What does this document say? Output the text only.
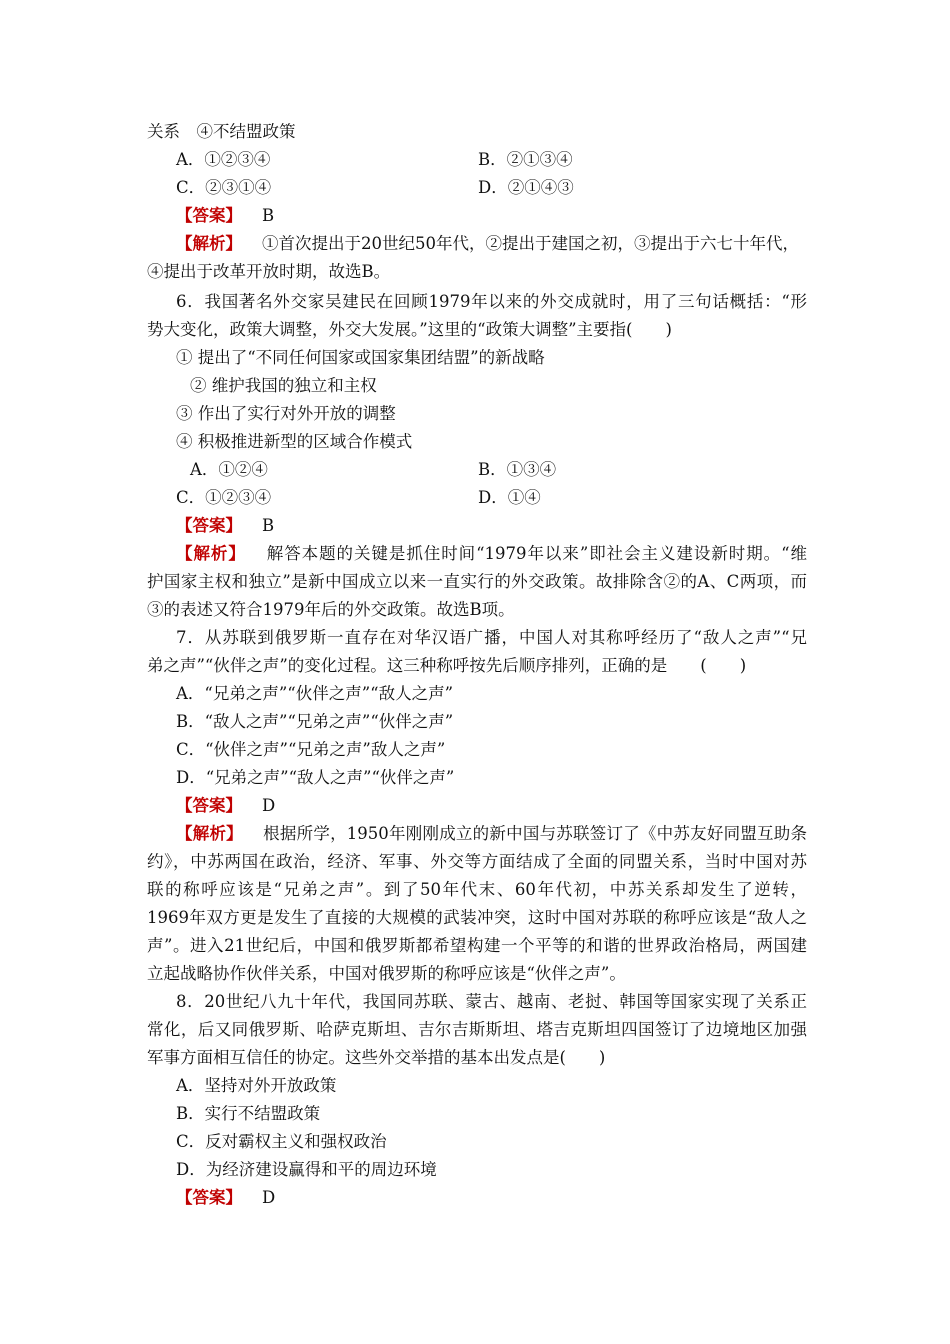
关系　④不结盟政策
A．①②③④	B．②①③④
C．②③①④	D．②①④③
【答案】 B
【解析】 ①首次提出于20世纪50年代，②提出于建国之初，③提出于六七十年代，
④提出于改革开放时期，故选B。
6．我国著名外交家吴建民在回顾1979年以来的外交成就时，用了三句话概括：“形
势大变化，政策大调整，外交大发展。”这里的“政策大调整”主要指(　　)
① 提出了“不同任何国家或国家集团结盟”的新战略
② 维护我国的独立和主权
③ 作出了实行对外开放的调整
④ 积极推进新型的区域合作模式
A．①②④	B．①③④
C．①②③④	D．①④
【答案】 B
【解析】 解答本题的关键是抓住时间“1979年以来”即社会主义建设新时期。“维
护国家主权和独立”是新中国成立以来一直实行的外交政策。故排除含②的A、C两项，而
③的表述又符合1979年后的外交政策。故选B项。
7．从苏联到俄罗斯一直存在对华汉语广播，中国人对其称呼经历了“敌人之声”“兄
弟之声”“伙伴之声”的变化过程。这三种称呼按先后顺序排列，正确的是　　(　　)
A．“兄弟之声”“伙伴之声”“敌人之声”
B．“敌人之声”“兄弟之声”“伙伴之声”
C．“伙伴之声”“兄弟之声”敌人之声”
D．“兄弟之声”“敌人之声”“伙伴之声”
【答案】 D
【解析】 根据所学，1950年刚刚成立的新中国与苏联签订了《中苏友好同盟互助条
约》，中苏两国在政治，经济、军事、外交等方面结成了全面的同盟关系，当时中国对苏
联的称呼应该是“兄弟之声”。到了50年代末、60年代初，中苏关系却发生了逆转，
1969年双方更是发生了直接的大规模的武装冲突，这时中国对苏联的称呼应该是“敌人之
声”。进入21世纪后，中国和俄罗斯都希望构建一个平等的和谐的世界政治格局，两国建
立起战略协作伙伴关系，中国对俄罗斯的称呼应该是“伙伴之声”。
8．20世纪八九十年代，我国同苏联、蒙古、越南、老挝、韩国等国家实现了关系正
常化，后又同俄罗斯、哈萨克斯坦、吉尔吉斯斯坦、塔吉克斯坦四国签订了边境地区加强
军事方面相互信任的协定。这些外交举措的基本出发点是(　　)
A．坚持对外开放政策
B．实行不结盟政策
C．反对霸权主义和强权政治
D．为经济建设赢得和平的周边环境
【答案】 D
